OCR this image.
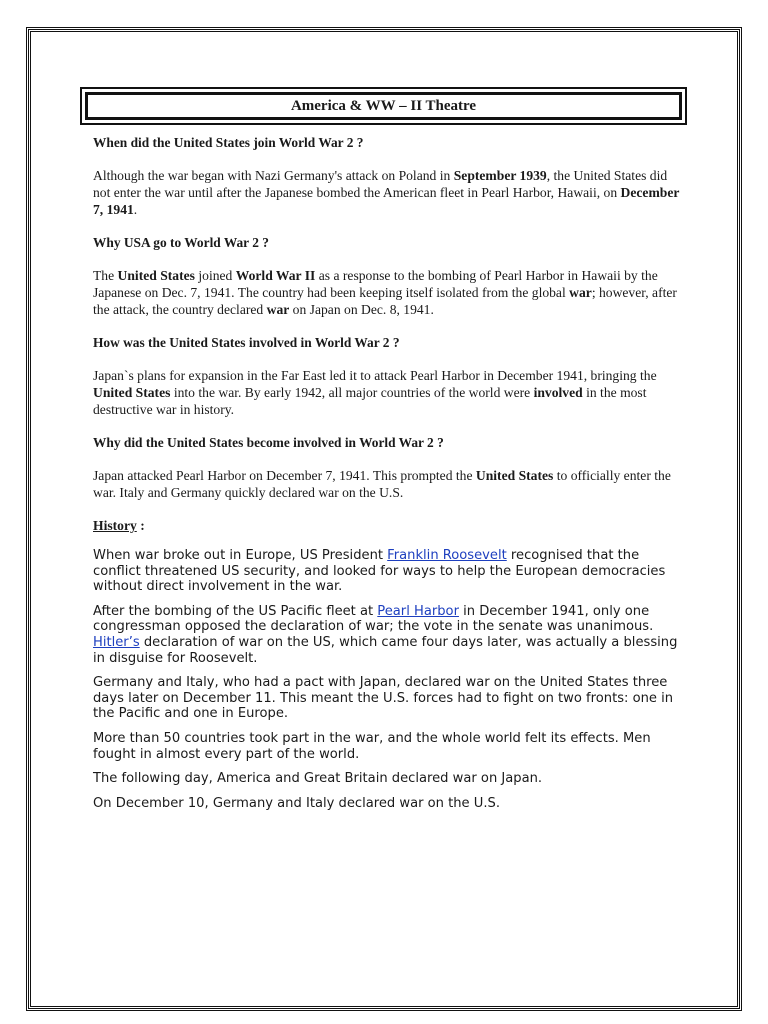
America & WW – II Theatre

When did the United States join World War 2 ?

Although the war began with Nazi Germany's attack on Poland in September 1939, the United States did not enter the war until after the Japanese bombed the American fleet in Pearl Harbor, Hawaii, on December 7, 1941.

Why USA go to World War 2 ?

The United States joined World War II as a response to the bombing of Pearl Harbor in Hawaii by the Japanese on Dec. 7, 1941. The country had been keeping itself isolated from the global war; however, after the attack, the country declared war on Japan on Dec. 8, 1941.

How was the United States involved in World War 2 ?

Japan`s plans for expansion in the Far East led it to attack Pearl Harbor in December 1941, bringing the United States into the war. By early 1942, all major countries of the world were involved in the most destructive war in history.

Why did the United States become involved in World War 2 ?

Japan attacked Pearl Harbor on December 7, 1941. This prompted the United States to officially enter the war. Italy and Germany quickly declared war on the U.S.

History :

When war broke out in Europe, US President Franklin Roosevelt recognised that the conflict threatened US security, and looked for ways to help the European democracies without direct involvement in the war.

After the bombing of the US Pacific fleet at Pearl Harbor in December 1941, only one congressman opposed the declaration of war; the vote in the senate was unanimous. Hitler’s declaration of war on the US, which came four days later, was actually a blessing in disguise for Roosevelt.

Germany and Italy, who had a pact with Japan, declared war on the United States three days later on December 11. This meant the U.S. forces had to fight on two fronts: one in the Pacific and one in Europe.

More than 50 countries took part in the war, and the whole world felt its effects. Men fought in almost every part of the world.

The following day, America and Great Britain declared war on Japan.

On December 10, Germany and Italy declared war on the U.S.
